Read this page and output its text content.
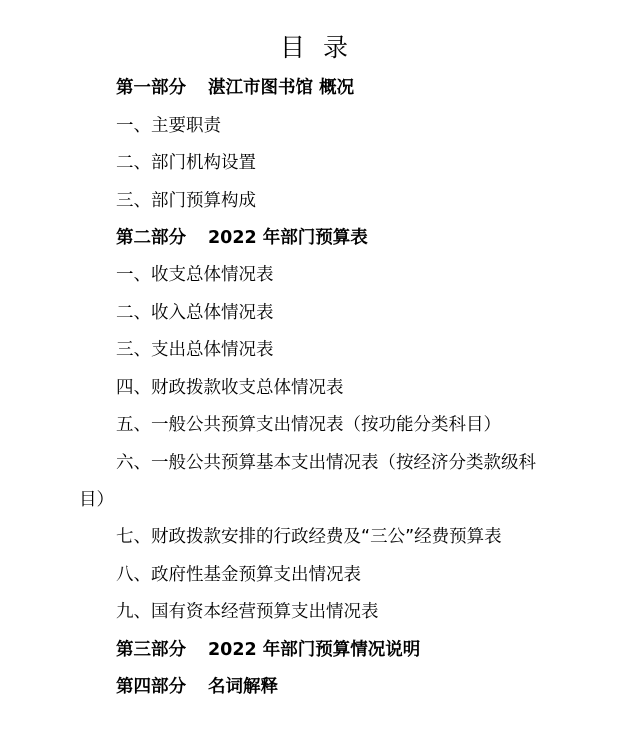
目 录

第一部分 湛江市图书馆 概况

一、主要职责

二、部门机构设置

三、部门预算构成

第二部分 2022 年部门预算表

一、收支总体情况表

二、收入总体情况表

三、支出总体情况表

四、财政拨款收支总体情况表

五、一般公共预算支出情况表（按功能分类科目）

六、一般公共预算基本支出情况表（按经济分类款级科

目）

七、财政拨款安排的行政经费及“三公”经费预算表

八、政府性基金预算支出情况表

九、国有资本经营预算支出情况表

第三部分 2022 年部门预算情况说明

第四部分 名词解释
